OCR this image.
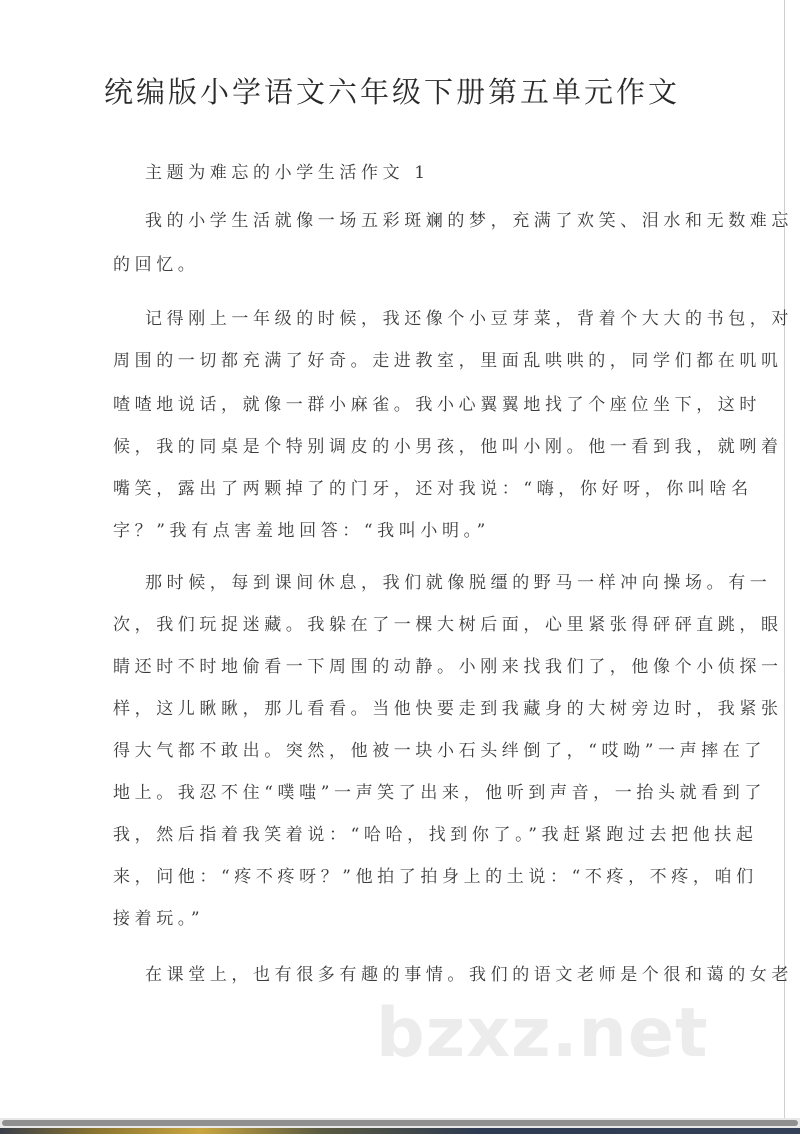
统编版小学语文六年级下册第五单元作文
主题为难忘的小学生活作文 1
我的小学生活就像一场五彩斑斓的梦，充满了欢笑、泪水和无数难忘
的回忆。
记得刚上一年级的时候，我还像个小豆芽菜，背着个大大的书包，对
周围的一切都充满了好奇。走进教室，里面乱哄哄的，同学们都在叽叽
喳喳地说话，就像一群小麻雀。我小心翼翼地找了个座位坐下，这时
候，我的同桌是个特别调皮的小男孩，他叫小刚。他一看到我，就咧着
嘴笑，露出了两颗掉了的门牙，还对我说：“嗨，你好呀，你叫啥名
字？”我有点害羞地回答：“我叫小明。”
那时候，每到课间休息，我们就像脱缰的野马一样冲向操场。有一
次，我们玩捉迷藏。我躲在了一棵大树后面，心里紧张得砰砰直跳，眼
睛还时不时地偷看一下周围的动静。小刚来找我们了，他像个小侦探一
样，这儿瞅瞅，那儿看看。当他快要走到我藏身的大树旁边时，我紧张
得大气都不敢出。突然，他被一块小石头绊倒了，“哎呦”一声摔在了
地上。我忍不住“噗嗤”一声笑了出来，他听到声音，一抬头就看到了
我，然后指着我笑着说：“哈哈，找到你了。”我赶紧跑过去把他扶起
来，问他：“疼不疼呀？”他拍了拍身上的土说：“不疼，不疼，咱们
接着玩。”
在课堂上，也有很多有趣的事情。我们的语文老师是个很和蔼的女老
bzxz.net
